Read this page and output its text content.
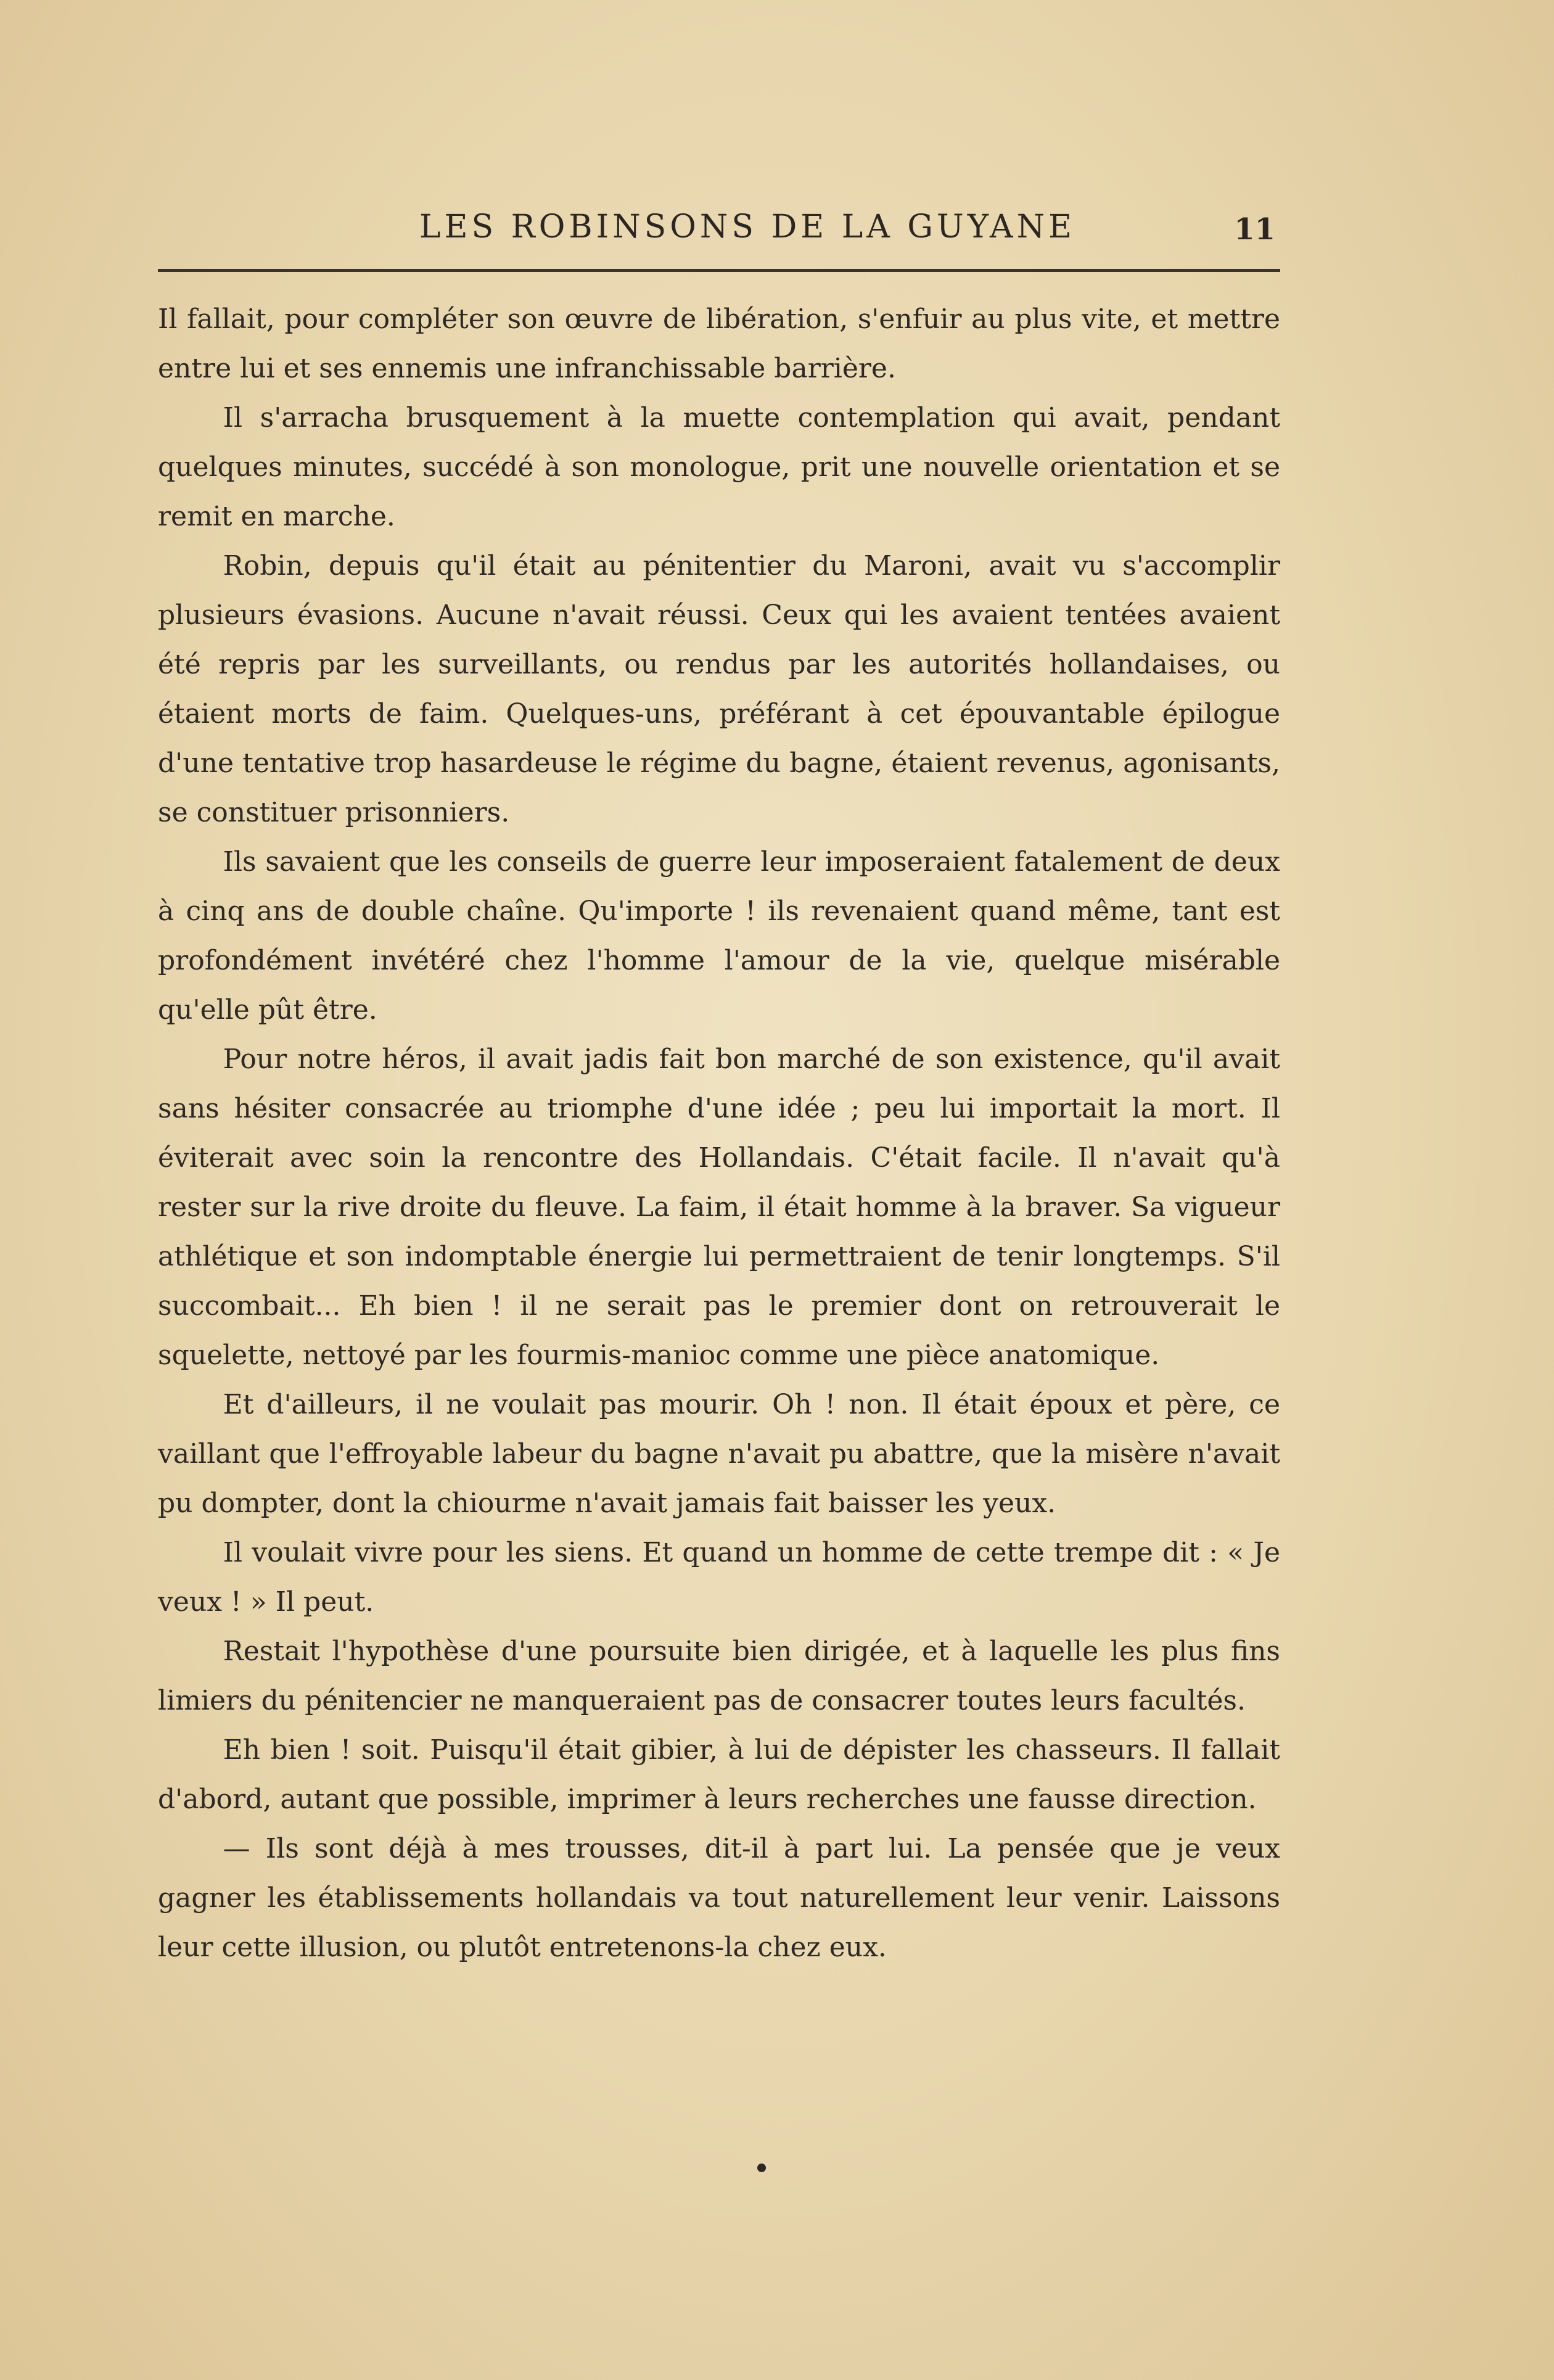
LES ROBINSONS DE LA GUYANE	11

Il fallait, pour compléter son œuvre de libération, s'enfuir au plus vite, et mettre entre lui et ses ennemis une infranchissable barrière.

Il s'arracha brusquement à la muette contemplation qui avait, pendant quelques minutes, succédé à son monologue, prit une nouvelle orientation et se remit en marche.

Robin, depuis qu'il était au pénitentier du Maroni, avait vu s'accomplir plusieurs évasions. Aucune n'avait réussi. Ceux qui les avaient tentées avaient été repris par les surveillants, ou rendus par les autorités hollandaises, ou étaient morts de faim. Quelques-uns, préférant à cet épouvantable épilogue d'une tentative trop hasardeuse le régime du bagne, étaient revenus, agonisants, se constituer prisonniers.

Ils savaient que les conseils de guerre leur imposeraient fatalement de deux à cinq ans de double chaîne. Qu'importe ! ils revenaient quand même, tant est profondément invétéré chez l'homme l'amour de la vie, quelque misérable qu'elle pût être.

Pour notre héros, il avait jadis fait bon marché de son existence, qu'il avait sans hésiter consacrée au triomphe d'une idée ; peu lui importait la mort. Il éviterait avec soin la rencontre des Hollandais. C'était facile. Il n'avait qu'à rester sur la rive droite du fleuve. La faim, il était homme à la braver. Sa vigueur athlétique et son indomptable énergie lui permettraient de tenir longtemps. S'il succombait... Eh bien ! il ne serait pas le premier dont on retrouverait le squelette, nettoyé par les fourmis-manioc comme une pièce anatomique.

Et d'ailleurs, il ne voulait pas mourir. Oh ! non. Il était époux et père, ce vaillant que l'effroyable labeur du bagne n'avait pu abattre, que la misère n'avait pu dompter, dont la chiourme n'avait jamais fait baisser les yeux.

Il voulait vivre pour les siens. Et quand un homme de cette trempe dit : « Je veux ! » Il peut.

Restait l'hypothèse d'une poursuite bien dirigée, et à laquelle les plus fins limiers du pénitencier ne manqueraient pas de consacrer toutes leurs facultés.

Eh bien ! soit. Puisqu'il était gibier, à lui de dépister les chasseurs. Il fallait d'abord, autant que possible, imprimer à leurs recherches une fausse direction.

— Ils sont déjà à mes trousses, dit-il à part lui. La pensée que je veux gagner les établissements hollandais va tout naturellement leur venir. Laissons leur cette illusion, ou plutôt entretenons-la chez eux.
